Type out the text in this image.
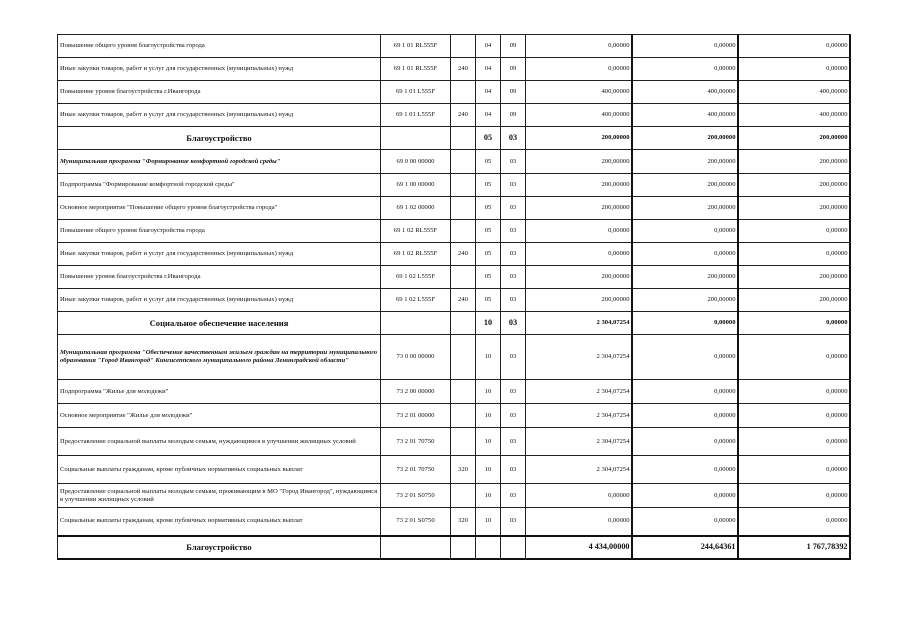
Повышение общего уровня благоустройства города	69 1 01 RL555F		04	09	0,00000	0,00000	0,00000
Иные закупки товаров, работ и услуг для государственных (муниципальных) нужд	69 1 01 RL555F	240	04	09	0,00000	0,00000	0,00000
Повышение уровня благоустройства г.Ивангорода	69 1 01 L555F		04	09	400,00000	400,00000	400,00000
Иные закупки товаров, работ и услуг для государственных (муниципальных) нужд	69 1 01 L555F	240	04	09	400,00000	400,00000	400,00000
Благоустройство			05	03	200,00000	200,00000	200,00000
Муниципальная программа "Формирование комфортной городской среды"	69 0 00 00000		05	03	200,00000	200,00000	200,00000
Подпрограмма "Формирование комфортной городской среды"	69 1 00 00000		05	03	200,00000	200,00000	200,00000
Основное мероприятие "Повышение общего уровня благоустройства города"	69 1 02 00000		05	03	200,00000	200,00000	200,00000
Повышение общего уровня благоустройства города	69 1 02 RL555F		05	03	0,00000	0,00000	0,00000
Иные закупки товаров, работ и услуг для государственных (муниципальных) нужд	69 1 02 RL555F	240	05	03	0,00000	0,00000	0,00000
Повышение уровня благоустройства г.Ивангорода	69 1 02 L555F		05	03	200,00000	200,00000	200,00000
Иные закупки товаров, работ и услуг для государственных (муниципальных) нужд	69 1 02 L555F	240	05	03	200,00000	200,00000	200,00000
Социальное обеспечение населения			10	03	2 304,07254	0,00000	0,00000
Муниципальная программа "Обеспечение качественным жильем граждан на территории муниципального образования "Город Ивангород" Кингисеппского муниципального района Ленинградской области"	73 0 00 00000		10	03	2 304,07254	0,00000	0,00000
Подпрограмма "Жилье для молодежи"	73 2 00 00000		10	03	2 304,07254	0,00000	0,00000
Основное мероприятие "Жилье для молодежи"	73 2 01 00000		10	03	2 304,07254	0,00000	0,00000
Предоставление социальной выплаты молодым семьям, нуждающимся в улучшении жилищных условий	73 2 01 70750		10	03	2 304,07254	0,00000	0,00000
Социальные выплаты гражданам, кроме публичных нормативных социальных выплат	73 2 01 70750	320	10	03	2 304,07254	0,00000	0,00000
Предоставление социальной выплаты молодым семьям, проживающим в МО "Город Ивангород", нуждающимся в улучшении жилищных условий	73 2 01 S0750		10	03	0,00000	0,00000	0,00000
Социальные выплаты гражданам, кроме публичных нормативных социальных выплат	73 2 01 S0750	320	10	03	0,00000	0,00000	0,00000
Благоустройство					4 434,00000	244,64361	1 767,78392
